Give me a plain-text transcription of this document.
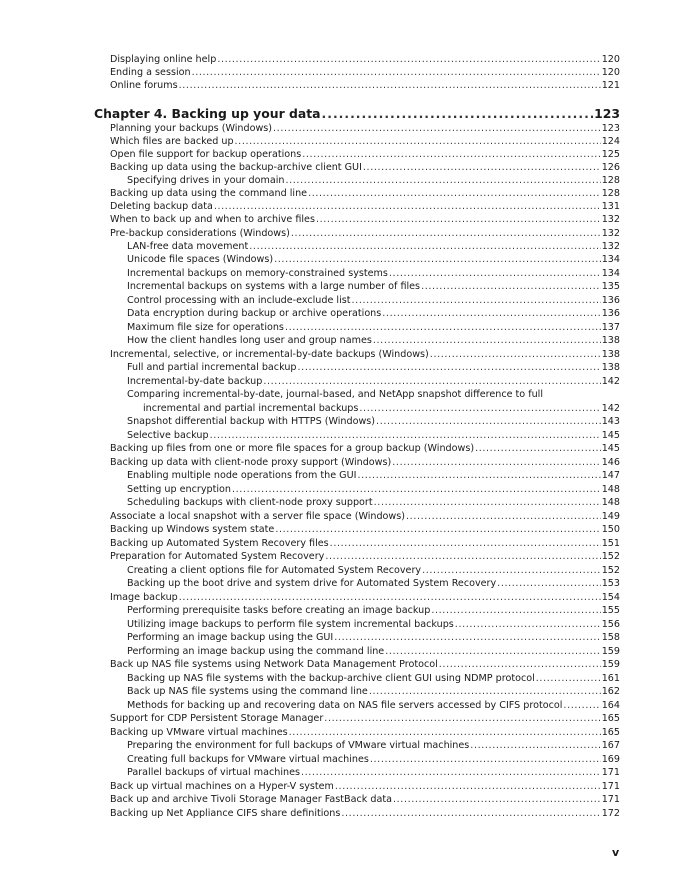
Displaying online help .....	120
Ending a session .....	120
Online forums .....	121
Chapter 4. Backing up your data .....	123
Planning your backups (Windows) .....	123
Which files are backed up .....	124
Open file support for backup operations .....	125
Backing up data using the backup-archive client GUI .....	126
Specifying drives in your domain .....	128
Backing up data using the command line .....	128
Deleting backup data .....	131
When to back up and when to archive files .....	132
Pre-backup considerations (Windows) .....	132
LAN-free data movement .....	132
Unicode file spaces (Windows) .....	134
Incremental backups on memory-constrained systems .....	134
Incremental backups on systems with a large number of files .....	135
Control processing with an include-exclude list .....	136
Data encryption during backup or archive operations .....	136
Maximum file size for operations .....	137
How the client handles long user and group names .....	138
Incremental, selective, or incremental-by-date backups (Windows) .....	138
Full and partial incremental backup .....	138
Incremental-by-date backup .....	142
Comparing incremental-by-date, journal-based, and NetApp snapshot difference to full
incremental and partial incremental backups .....	142
Snapshot differential backup with HTTPS (Windows) .....	143
Selective backup .....	145
Backing up files from one or more file spaces for a group backup (Windows) .....	145
Backing up data with client-node proxy support (Windows) .....	146
Enabling multiple node operations from the GUI .....	147
Setting up encryption .....	148
Scheduling backups with client-node proxy support .....	148
Associate a local snapshot with a server file space (Windows) .....	149
Backing up Windows system state .....	150
Backing up Automated System Recovery files .....	151
Preparation for Automated System Recovery .....	152
Creating a client options file for Automated System Recovery .....	152
Backing up the boot drive and system drive for Automated System Recovery .....	153
Image backup .....	154
Performing prerequisite tasks before creating an image backup .....	155
Utilizing image backups to perform file system incremental backups .....	156
Performing an image backup using the GUI .....	158
Performing an image backup using the command line .....	159
Back up NAS file systems using Network Data Management Protocol .....	159
Backing up NAS file systems with the backup-archive client GUI using NDMP protocol .....	161
Back up NAS file systems using the command line .....	162
Methods for backing up and recovering data on NAS file servers accessed by CIFS protocol .....	164
Support for CDP Persistent Storage Manager .....	165
Backing up VMware virtual machines .....	165
Preparing the environment for full backups of VMware virtual machines .....	167
Creating full backups for VMware virtual machines .....	169
Parallel backups of virtual machines .....	171
Back up virtual machines on a Hyper-V system .....	171
Back up and archive Tivoli Storage Manager FastBack data .....	171
Backing up Net Appliance CIFS share definitions .....	172
v
